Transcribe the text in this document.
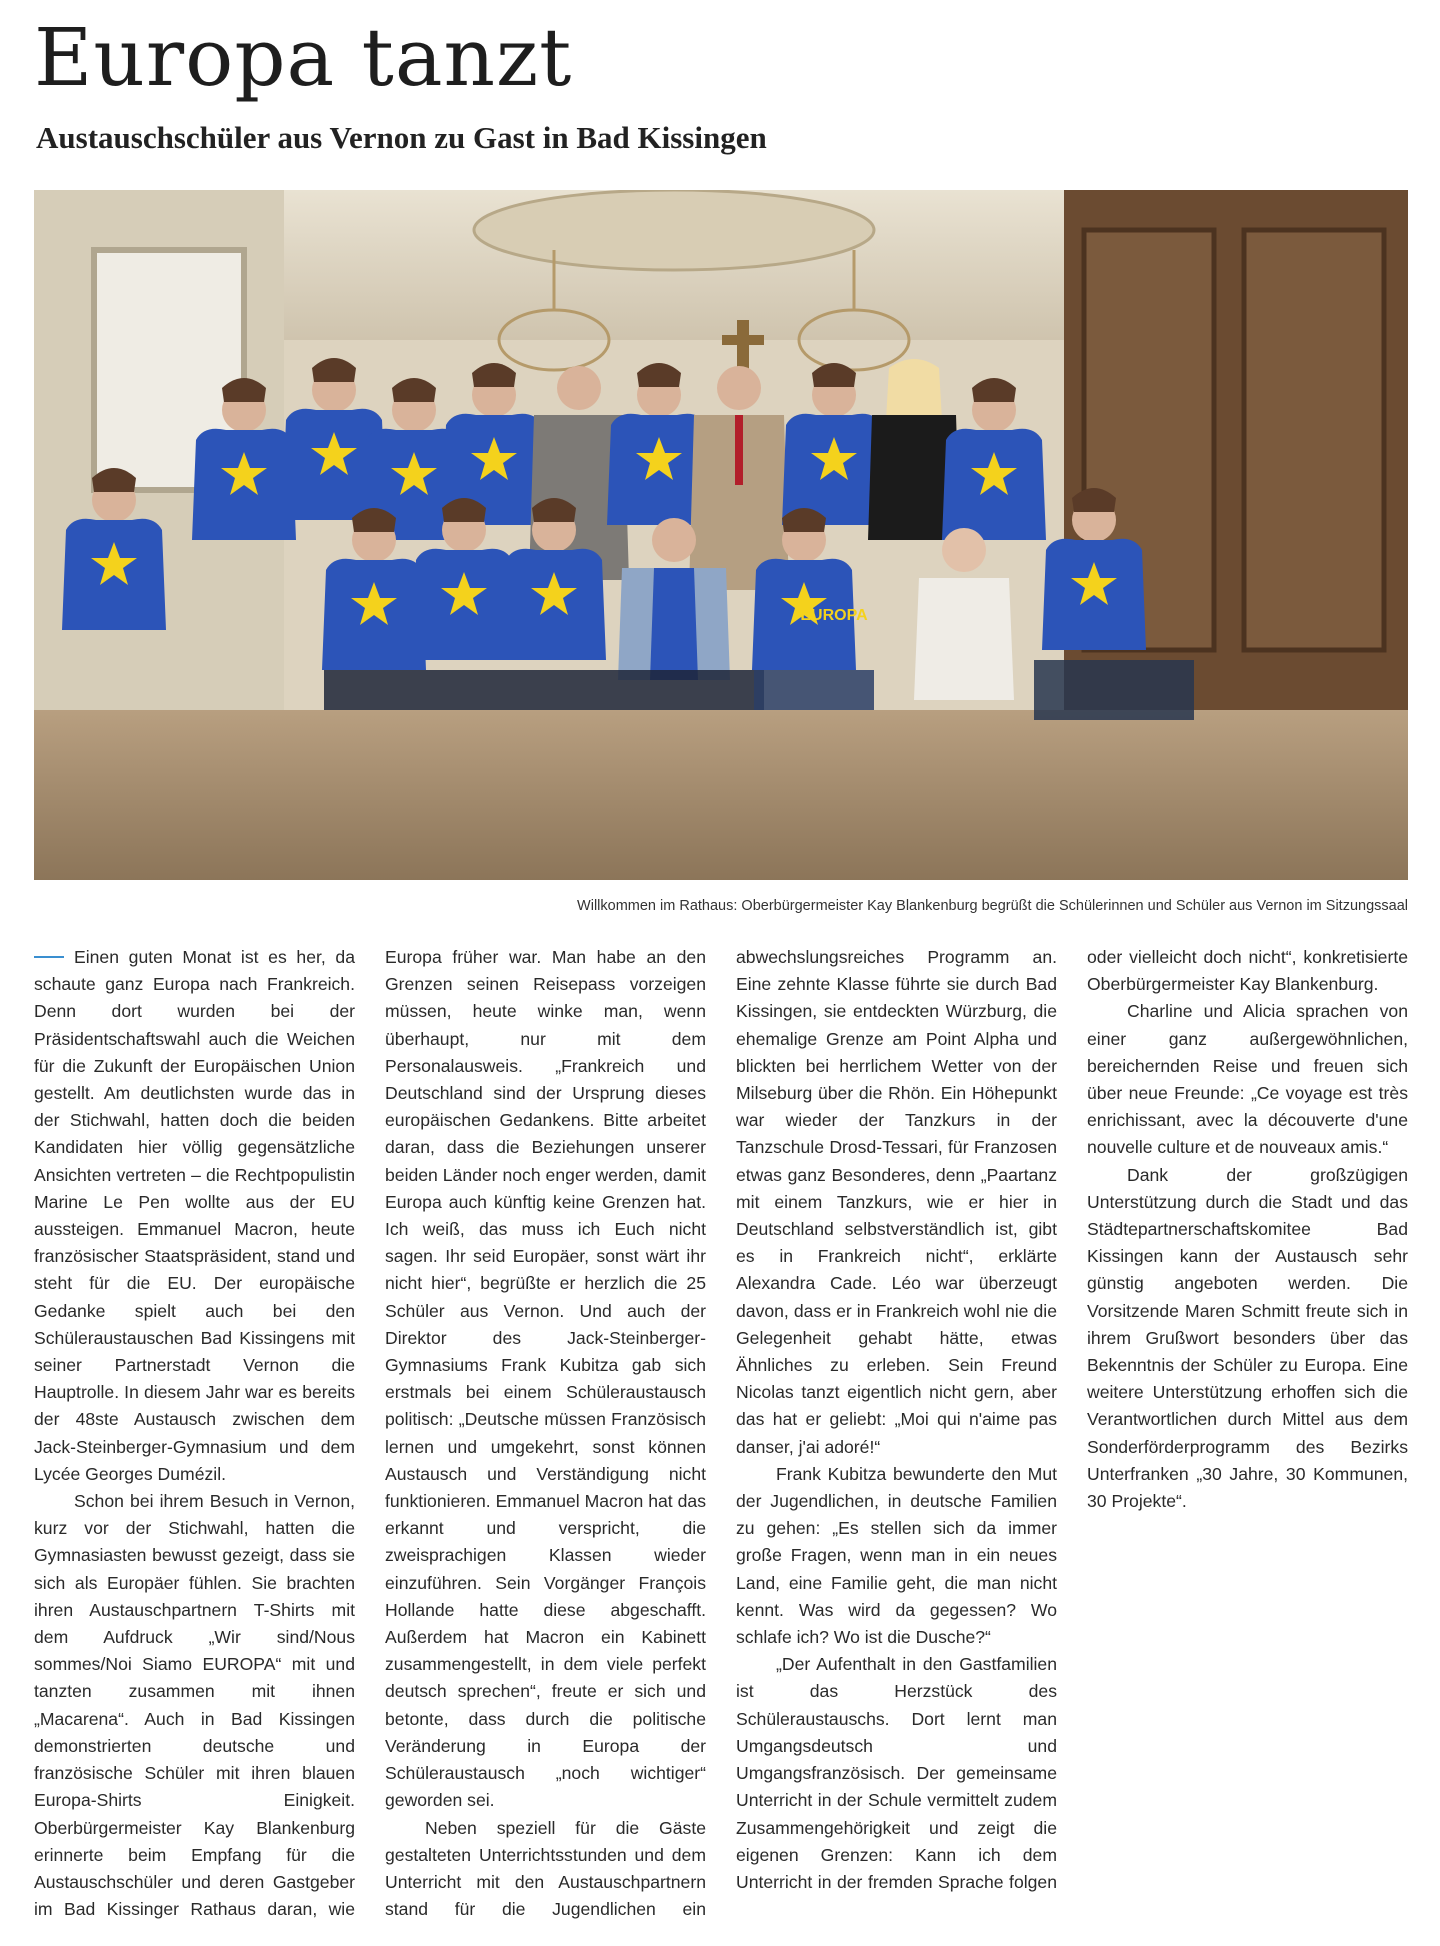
Europa tanzt
Austauschschüler aus Vernon zu Gast in Bad Kissingen
EUROPA

Willkommen im Rathaus: Oberbürgermeister Kay Blankenburg begrüßt die Schülerinnen und Schüler aus Vernon im Sitzungssaal

Einen guten Monat ist es her, da schaute ganz Europa nach Frankreich. Denn dort wurden bei der Präsidentschaftswahl auch die Weichen für die Zukunft der Europäischen Union gestellt. Am deutlichsten wurde das in der Stichwahl, hatten doch die beiden Kandidaten hier völlig gegensätzliche Ansichten vertreten – die Rechtpopulistin Marine Le Pen wollte aus der EU aussteigen. Emmanuel Macron, heute französischer Staatspräsident, stand und steht für die EU. Der europäische Gedanke spielt auch bei den Schüleraustauschen Bad Kissingens mit seiner Partnerstadt Vernon die Hauptrolle. In diesem Jahr war es bereits der 48ste Austausch zwischen dem Jack-Steinberger-Gymnasium und dem Lycée Georges Dumézil.

Schon bei ihrem Besuch in Vernon, kurz vor der Stichwahl, hatten die Gymnasiasten bewusst gezeigt, dass sie sich als Europäer fühlen. Sie brachten ihren Austauschpartnern T-Shirts mit dem Aufdruck „Wir sind/Nous sommes/Noi Siamo EUROPA“ mit und tanzten zusammen mit ihnen „Macarena“. Auch in Bad Kissingen demonstrierten deutsche und französische Schüler mit ihren blauen Europa-Shirts Einigkeit. Oberbürgermeister Kay Blankenburg erinnerte beim Empfang für die Austauschschüler und deren Gastgeber im Bad Kissinger Rathaus daran, wie Europa früher war. Man habe an den Grenzen seinen Reisepass vorzeigen müssen, heute winke man, wenn überhaupt, nur mit dem Personalausweis. „Frankreich und Deutschland sind der Ursprung dieses europäischen Gedankens. Bitte arbeitet daran, dass die Beziehungen unserer beiden Länder noch enger werden, damit Europa auch künftig keine Grenzen hat. Ich weiß, das muss ich Euch nicht sagen. Ihr seid Europäer, sonst wärt ihr nicht hier“, begrüßte er herzlich die 25 Schüler aus Vernon. Und auch der Direktor des Jack-Steinberger-Gymnasiums Frank Kubitza gab sich erstmals bei einem Schüleraustausch politisch: „Deutsche müssen Französisch lernen und umgekehrt, sonst können Austausch und Verständigung nicht funktionieren. Emmanuel Macron hat das erkannt und verspricht, die zweisprachigen Klassen wieder einzuführen. Sein Vorgänger François Hollande hatte diese abgeschafft. Außerdem hat Macron ein Kabinett zusammengestellt, in dem viele perfekt deutsch sprechen“, freute er sich und betonte, dass durch die politische Veränderung in Europa der Schüleraustausch „noch wichtiger“ geworden sei.

Neben speziell für die Gäste gestalteten Unterrichtsstunden und dem Unterricht mit den Austauschpartnern stand für die Jugendlichen ein abwechslungsreiches Programm an. Eine zehnte Klasse führte sie durch Bad Kissingen, sie entdeckten Würzburg, die ehemalige Grenze am Point Alpha und blickten bei herrlichem Wetter von der Milseburg über die Rhön. Ein Höhepunkt war wieder der Tanzkurs in der Tanzschule Drosd-Tessari, für Franzosen etwas ganz Besonderes, denn „Paartanz mit einem Tanzkurs, wie er hier in Deutschland selbstverständlich ist, gibt es in Frankreich nicht“, erklärte Alexandra Cade. Léo war überzeugt davon, dass er in Frankreich wohl nie die Gelegenheit gehabt hätte, etwas Ähnliches zu erleben. Sein Freund Nicolas tanzt eigentlich nicht gern, aber das hat er geliebt: „Moi qui n'aime pas danser, j'ai adoré!“

Frank Kubitza bewunderte den Mut der Jugendlichen, in deutsche Familien zu gehen: „Es stellen sich da immer große Fragen, wenn man in ein neues Land, eine Familie geht, die man nicht kennt. Was wird da gegessen? Wo schlafe ich? Wo ist die Dusche?“

„Der Aufenthalt in den Gastfamilien ist das Herzstück des Schüleraustauschs. Dort lernt man Umgangsdeutsch und Umgangsfranzösisch. Der gemeinsame Unterricht in der Schule vermittelt zudem Zusammengehörigkeit und zeigt die eigenen Grenzen: Kann ich dem Unterricht in der fremden Sprache folgen oder vielleicht doch nicht“, konkretisierte Oberbürgermeister Kay Blankenburg.

Charline und Alicia sprachen von einer ganz außergewöhnlichen, bereichernden Reise und freuen sich über neue Freunde: „Ce voyage est très enrichissant, avec la découverte d'une nouvelle culture et de nouveaux amis.“

Dank der großzügigen Unterstützung durch die Stadt und das Städtepartnerschaftskomitee Bad Kissingen kann der Austausch sehr günstig angeboten werden. Die Vorsitzende Maren Schmitt freute sich in ihrem Grußwort besonders über das Bekenntnis der Schüler zu Europa. Eine weitere Unterstützung erhoffen sich die Verantwortlichen durch Mittel aus dem Sonderförderprogramm des Bezirks Unterfranken „30 Jahre, 30 Kommunen, 30 Projekte“.
